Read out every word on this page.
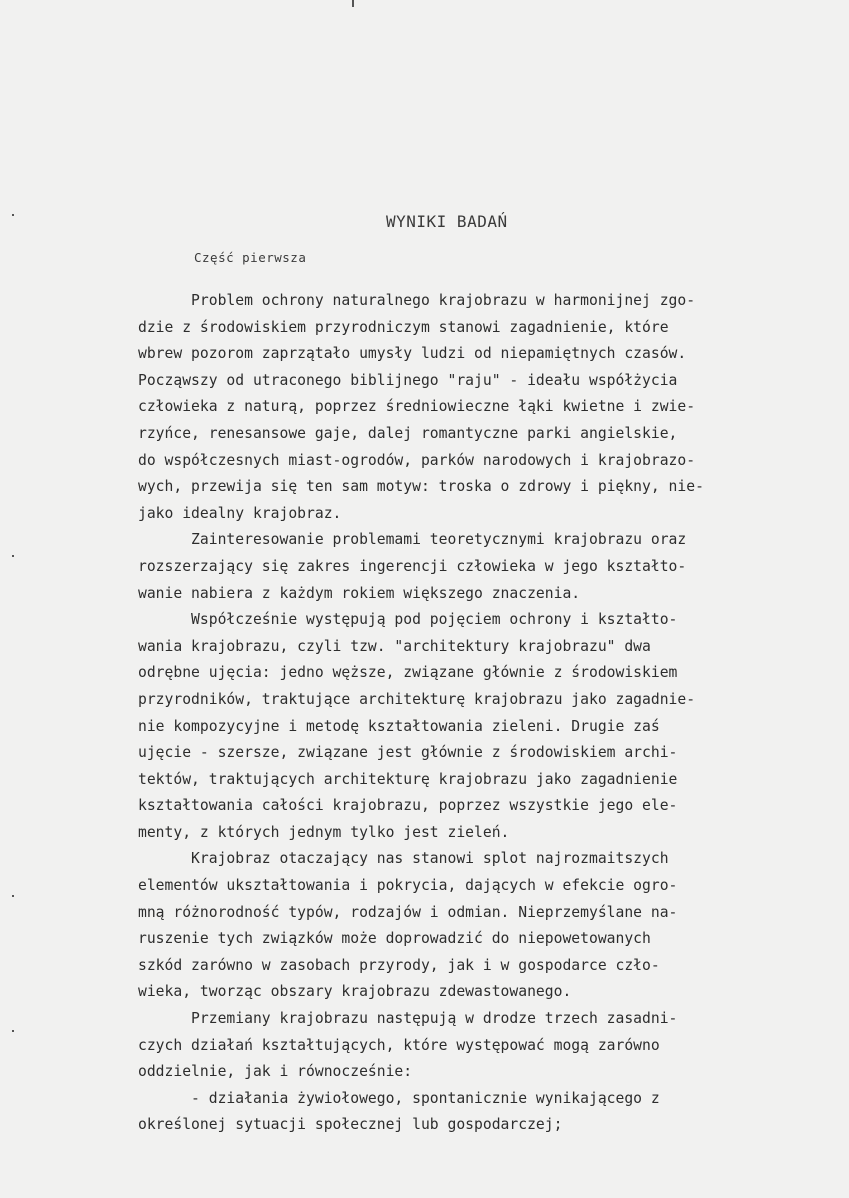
WYNIKI BADAŃ
Część pierwsza
Problem ochrony naturalnego krajobrazu w harmonijnej zgo-
dzie z środowiskiem przyrodniczym stanowi zagadnienie, które
wbrew pozorom zaprzątało umysły ludzi od niepamiętnych czasów.
Począwszy od utraconego biblijnego "raju" - ideału współżycia
człowieka z naturą, poprzez średniowieczne łąki kwietne i zwie-
rzyńce, renesansowe gaje, dalej romantyczne parki angielskie,
do współczesnych miast-ogrodów, parków narodowych i krajobrazo-
wych, przewija się ten sam motyw: troska o zdrowy i piękny, nie-
jako idealny krajobraz.
Zainteresowanie problemami teoretycznymi krajobrazu oraz
rozszerzający się zakres ingerencji człowieka w jego kształto-
wanie nabiera z każdym rokiem większego znaczenia.
Współcześnie występują pod pojęciem ochrony i kształto-
wania krajobrazu, czyli tzw. "architektury krajobrazu" dwa
odrębne ujęcia: jedno węższe, związane głównie z środowiskiem
przyrodników, traktujące architekturę krajobrazu jako zagadnie-
nie kompozycyjne i metodę kształtowania zieleni. Drugie zaś
ujęcie - szersze, związane jest głównie z środowiskiem archi-
tektów, traktujących architekturę krajobrazu jako zagadnienie
kształtowania całości krajobrazu, poprzez wszystkie jego ele-
menty, z których jednym tylko jest zieleń.
Krajobraz otaczający nas stanowi splot najrozmaitszych
elementów ukształtowania i pokrycia, dających w efekcie ogro-
mną różnorodność typów, rodzajów i odmian. Nieprzemyślane na-
ruszenie tych związków może doprowadzić do niepowetowanych
szkód zarówno w zasobach przyrody, jak i w gospodarce czło-
wieka, tworząc obszary krajobrazu zdewastowanego.
Przemiany krajobrazu następują w drodze trzech zasadni-
czych działań kształtujących, które występować mogą zarówno
oddzielnie, jak i równocześnie:
- działania żywiołowego, spontanicznie wynikającego z
określonej sytuacji społecznej lub gospodarczej;
